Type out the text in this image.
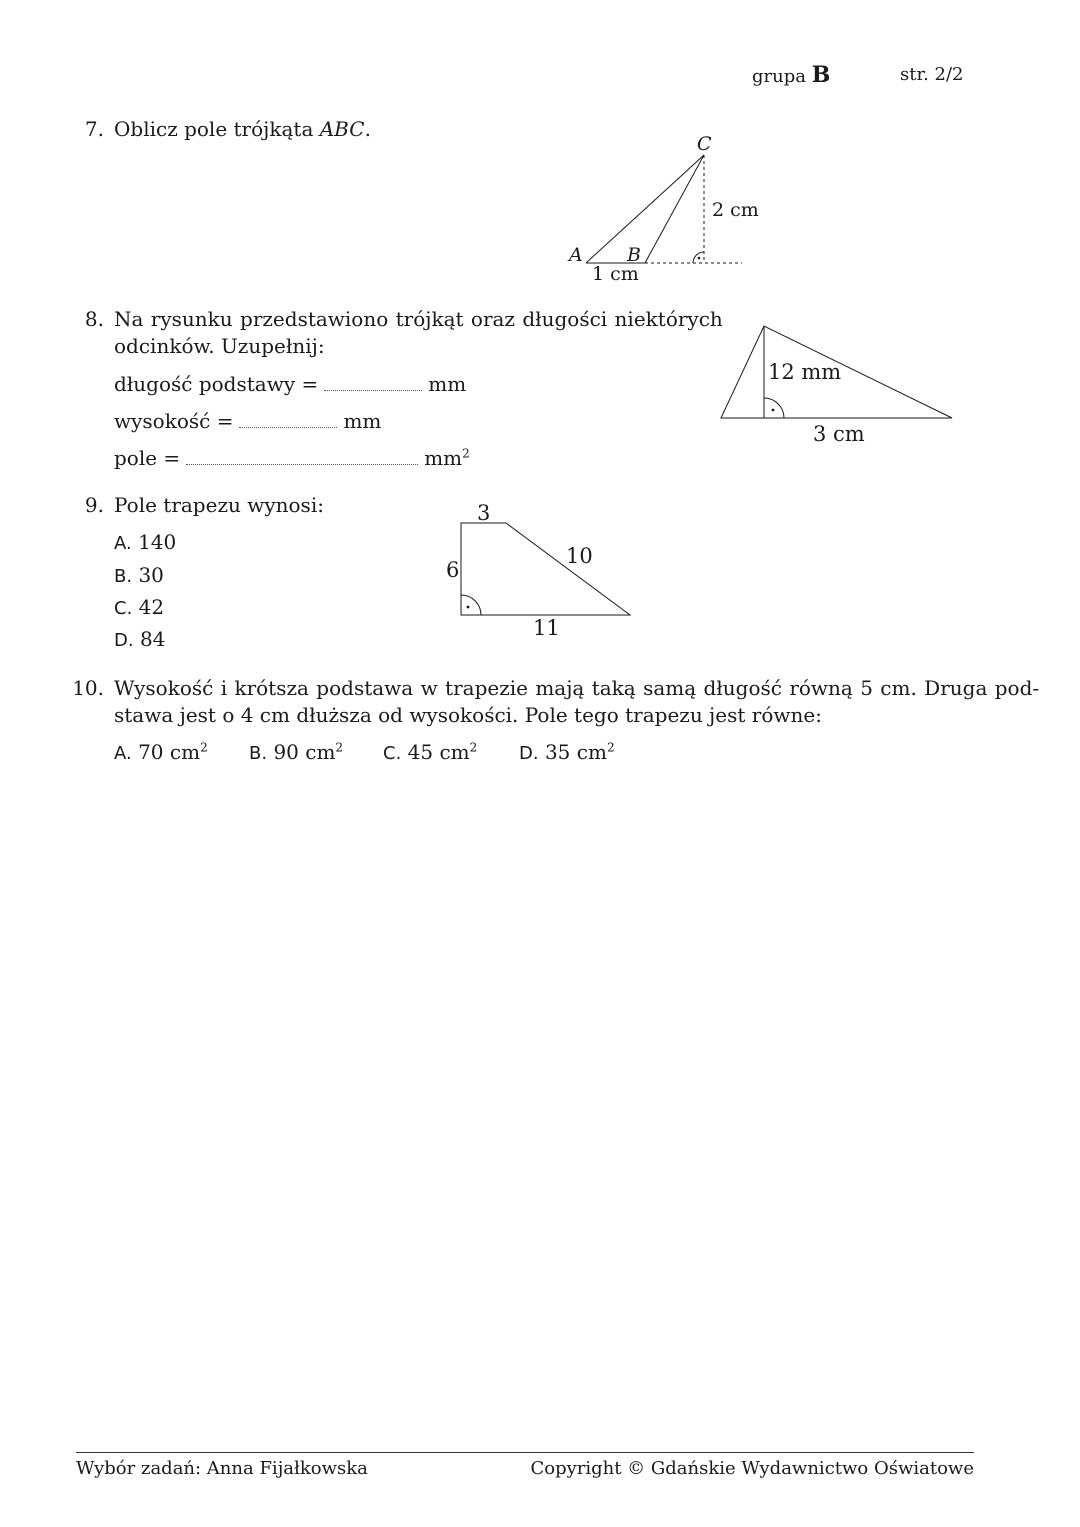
grupa B	str. 2/2
7. Oblicz pole trójkąta ABC.
C
A B
2 cm
1 cm
8. Na rysunku przedstawiono trójkąt oraz długości niektórych
odcinków. Uzupełnij:
długość podstawy =	mm
wysokość =	mm
pole =	$mm^2$
12 mm
3 cm
9. Pole trapezu wynosi:
A. 140
B. 30
C. 42
D. 84
3
6
10
11
10. Wysokość i krótsza podstawa w trapezie mają taką samą długość równą 5 cm. Druga pod-
stawa jest o 4 cm dłuższa od wysokości. Pole tego trapezu jest równe:
A. 70 $cm^2$ B. 90 $cm^2$ C. 45 $cm^2$ D. 35 $cm^2$
Wybór zadań: Anna Fijałkowska	Copyright © Gdańskie Wydawnictwo Oświatowe
